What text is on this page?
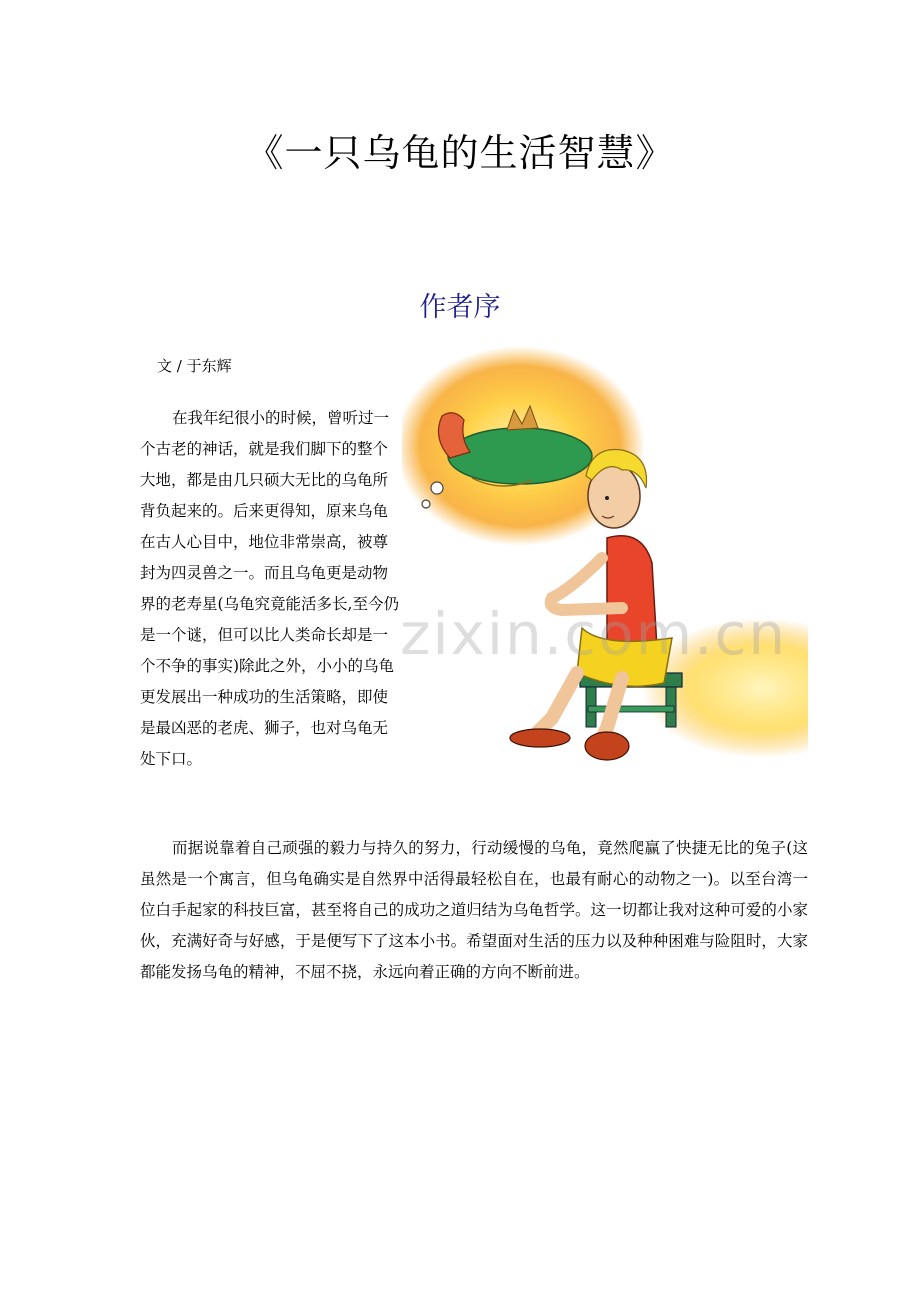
《一只乌龟的生活智慧》
作者序
文 / 于东辉

在我年纪很小的时候，曾听过一个古老的神话，就是我们脚下的整个大地，都是由几只硕大无比的乌龟所背负起来的。后来更得知，原来乌龟在古人心目中，地位非常崇高，被尊封为四灵兽之一。而且乌龟更是动物界的老寿星(乌龟究竟能活多长,至今仍是一个谜，但可以比人类命长却是一个不争的事实)除此之外，小小的乌龟更发展出一种成功的生活策略，即使是最凶恶的老虎、狮子，也对乌龟无处下口。

zixin.com.cn

而据说靠着自己顽强的毅力与持久的努力，行动缓慢的乌龟，竟然爬赢了快捷无比的兔子(这虽然是一个寓言，但乌龟确实是自然界中活得最轻松自在，也最有耐心的动物之一)。以至台湾一位白手起家的科技巨富，甚至将自己的成功之道归结为乌龟哲学。这一切都让我对这种可爱的小家伙，充满好奇与好感，于是便写下了这本小书。希望面对生活的压力以及种种困难与险阻时，大家都能发扬乌龟的精神，不屈不挠，永远向着正确的方向不断前进。
